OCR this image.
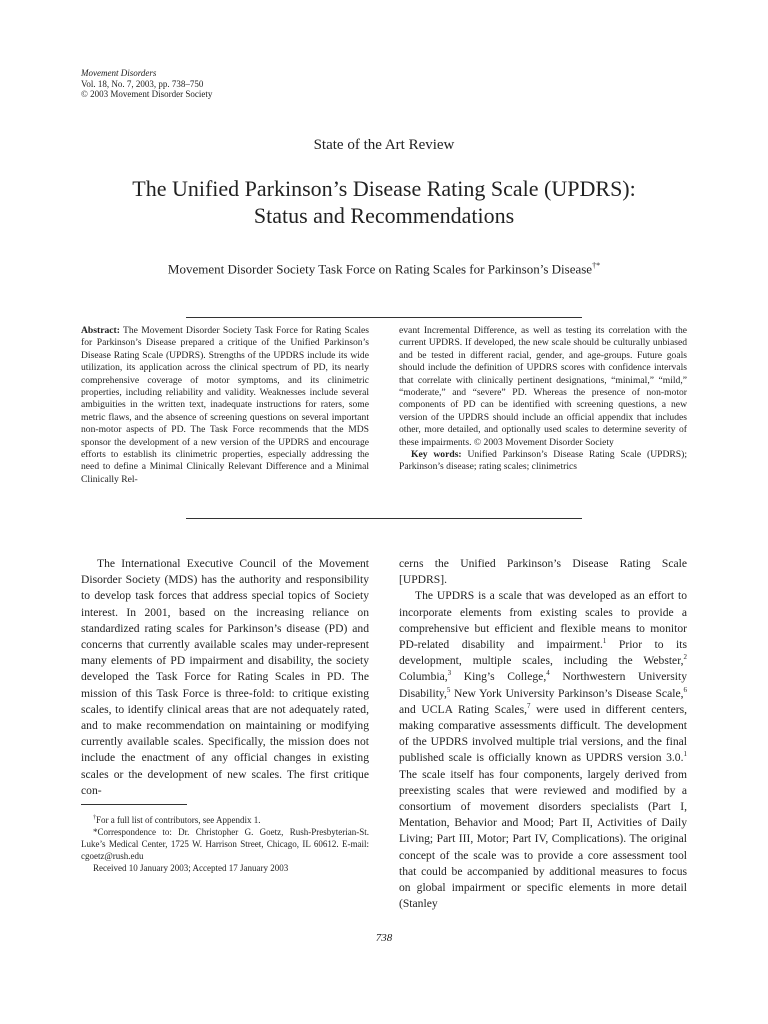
Movement Disorders
Vol. 18, No. 7, 2003, pp. 738–750
© 2003 Movement Disorder Society
State of the Art Review
The Unified Parkinson’s Disease Rating Scale (UPDRS):
Status and Recommendations
Movement Disorder Society Task Force on Rating Scales for Parkinson’s Disease†*

Abstract: The Movement Disorder Society Task Force for Rating Scales for Parkinson’s Disease prepared a critique of the Unified Parkinson’s Disease Rating Scale (UPDRS). Strengths of the UPDRS include its wide utilization, its application across the clinical spectrum of PD, its nearly comprehensive coverage of motor symptoms, and its clinimetric properties, including reliability and validity. Weaknesses include several ambiguities in the written text, inadequate instructions for raters, some metric flaws, and the absence of screening questions on several important non-motor aspects of PD. The Task Force recommends that the MDS sponsor the development of a new version of the UPDRS and encourage efforts to establish its clinimetric properties, especially addressing the need to define a Minimal Clinically Relevant Difference and a Minimal Clinically Rel-

evant Incremental Difference, as well as testing its correlation with the current UPDRS. If developed, the new scale should be culturally unbiased and be tested in different racial, gender, and age-groups. Future goals should include the definition of UPDRS scores with confidence intervals that correlate with clinically pertinent designations, “minimal,” “mild,” “moderate,” and “severe” PD. Whereas the presence of non-motor components of PD can be identified with screening questions, a new version of the UPDRS should include an official appendix that includes other, more detailed, and optionally used scales to determine severity of these impairments. © 2003 Movement Disorder Society

Key words: Unified Parkinson’s Disease Rating Scale (UPDRS); Parkinson’s disease; rating scales; clinimetrics

The International Executive Council of the Movement Disorder Society (MDS) has the authority and responsibility to develop task forces that address special topics of Society interest. In 2001, based on the increasing reliance on standardized rating scales for Parkinson’s disease (PD) and concerns that currently available scales may under-represent many elements of PD impairment and disability, the society developed the Task Force for Rating Scales in PD. The mission of this Task Force is three-fold: to critique existing scales, to identify clinical areas that are not adequately rated, and to make recommendation on maintaining or modifying currently available scales. Specifically, the mission does not include the enactment of any official changes in existing scales or the development of new scales. The first critique con-

cerns the Unified Parkinson’s Disease Rating Scale [UPDRS].

The UPDRS is a scale that was developed as an effort to incorporate elements from existing scales to provide a comprehensive but efficient and flexible means to monitor PD-related disability and impairment.$^1$ Prior to its development, multiple scales, including the Webster,$^2$ Columbia,$^3$ King’s College,$^4$ Northwestern University Disability,$^5$ New York University Parkinson’s Disease Scale,$^6$ and UCLA Rating Scales,$^7$ were used in different centers, making comparative assessments difficult. The development of the UPDRS involved multiple trial versions, and the final published scale is officially known as UPDRS version 3.0.$^1$ The scale itself has four components, largely derived from preexisting scales that were reviewed and modified by a consortium of movement disorders specialists (Part I, Mentation, Behavior and Mood; Part II, Activities of Daily Living; Part III, Motor; Part IV, Complications). The original concept of the scale was to provide a core assessment tool that could be accompanied by additional measures to focus on global impairment or specific elements in more detail (Stanley

†For a full list of contributors, see Appendix 1.

*Correspondence to: Dr. Christopher G. Goetz, Rush-Presbyterian-St. Luke’s Medical Center, 1725 W. Harrison Street, Chicago, IL 60612. E-mail: cgoetz@rush.edu

Received 10 January 2003; Accepted 17 January 2003

738
